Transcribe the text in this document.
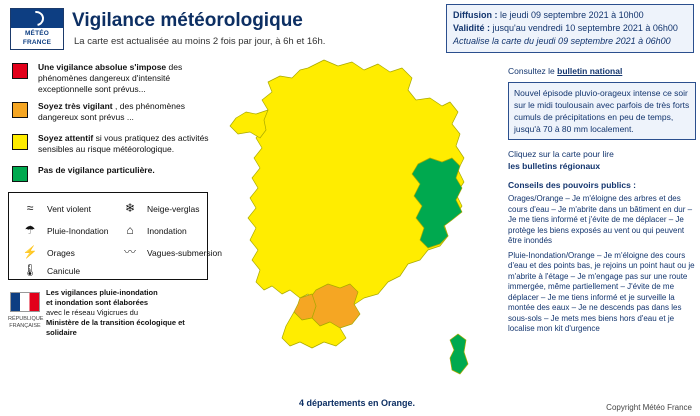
MÉTÉO
FRANCE
Vigilance météorologique
La carte est actualisée au moins 2 fois par jour, à 6h et 16h.
Diffusion : le jeudi 09 septembre 2021 à 10h00
Validité : jusqu'au vendredi 10 septembre 2021 à 06h00
Actualise la carte du jeudi 09 septembre 2021 à 06h00
Une vigilance absolue s'impose des phénomènes dangereux d'intensité exceptionnelle sont prévus...
Soyez très vigilant , des phénomènes dangereux sont prévus ...
Soyez attentif si vous pratiquez des activités sensibles au risque météorologique.
Pas de vigilance particulière.
≈	Vent violent	❄	Neige-verglas
☂	Pluie-Inondation	⌂	Inondation
⚡	Orages	〰	Vagues-submersion
🌡	Canicule
RÉPUBLIQUE FRANÇAISE
Les vigilances pluie-inondation
et inondation sont élaborées
avec le réseau Vigicrues du
Ministère de la transition écologique et solidaire
4 départements en Orange.
Consultez le bulletin national
Nouvel épisode pluvio-orageux intense ce soir sur le midi toulousain avec parfois de très forts cumuls de précipitations en peu de temps, jusqu'à 70 à 80 mm localement.
Cliquez sur la carte pour lire
les bulletins régionaux
Conseils des pouvoirs publics :
Orages/Orange – Je m'éloigne des arbres et des cours d'eau – Je m'abrite dans un bâtiment en dur – Je me tiens informé et j'évite de me déplacer – Je protège les biens exposés au vent ou qui peuvent être inondés
Pluie-Inondation/Orange – Je m'éloigne des cours d'eau et des points bas, je rejoins un point haut ou je m'abrite à l'étage – Je m'engage pas sur une route immergée, même partiellement – J'évite de me déplacer – Je me tiens informé et je surveille la montée des eaux – Je ne descends pas dans les sous-sols – Je mets mes biens hors d'eau et je localise mon kit d'urgence
Copyright Météo France
